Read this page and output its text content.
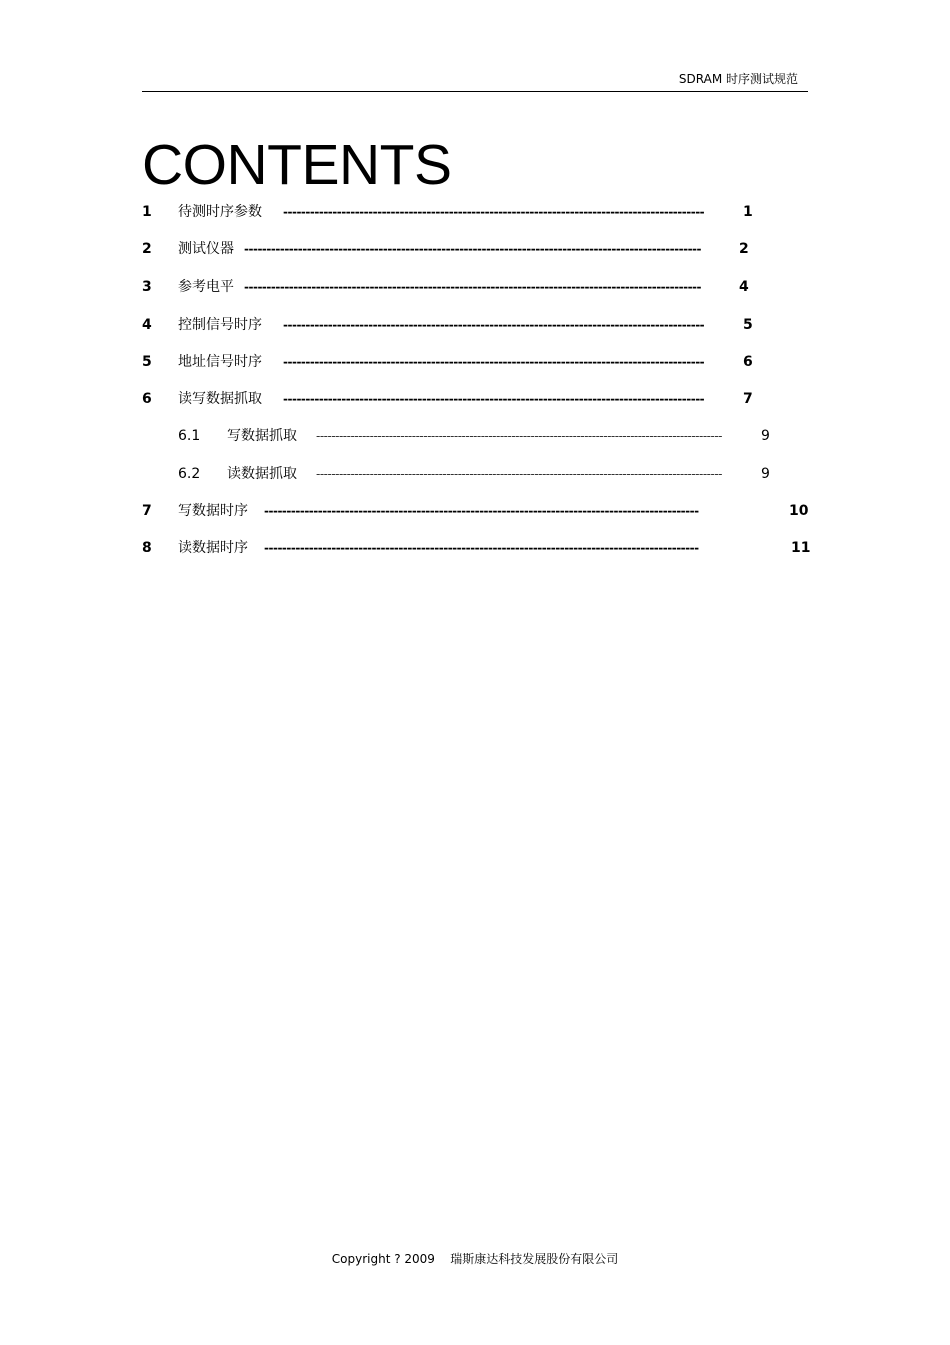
SDRAM 时序测试规范
CONTENTS
1 待测时序参数 ----------------------------------------------------------------------------------------------	1
2 测试仪器 ------------------------------------------------------------------------------------------------------	2
3 参考电平 ------------------------------------------------------------------------------------------------------	4
4 控制信号时序 ----------------------------------------------------------------------------------------------	5
5 地址信号时序 ----------------------------------------------------------------------------------------------	6
6 读写数据抓取 ----------------------------------------------------------------------------------------------	7
6.1 写数据抓取 ----------------------------------------------------------------------------------------------------------	9
6.2 读数据抓取 ----------------------------------------------------------------------------------------------------------	9
7 写数据时序 -------------------------------------------------------------------------------------------------	10
8 读数据时序 -------------------------------------------------------------------------------------------------	11
Copyright ? 2009 瑞斯康达科技发展股份有限公司
